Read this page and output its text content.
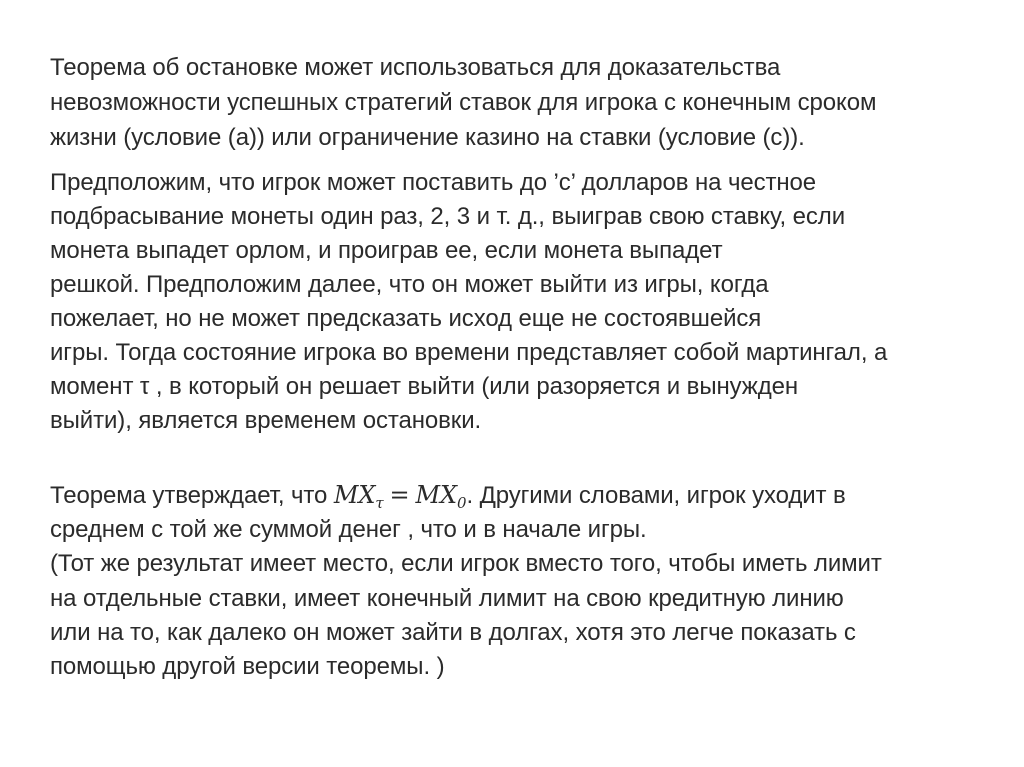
Теорема об остановке может использоваться для доказательства
невозможности успешных стратегий ставок для игрока с конечным сроком
жизни (условие (a)) или ограничение казино на ставки (условие (c)).
Предположим, что игрок может поставить до ’c’ долларов на честное
подбрасывание монеты один раз, 2, 3 и т. д., выиграв свою ставку, если
монета выпадет орлом, и проиграв ее, если монета выпадет
решкой. Предположим далее, что он может выйти из игры, когда
пожелает, но не может предсказать исход еще не состоявшейся
игры. Тогда состояние игрока во времени представляет собой мартингал, а
момент τ , в который он решает выйти (или разоряется и вынужден
выйти), является временем остановки.
Теорема утверждает, что $MX_\tau = MX_0$. Другими словами, игрок уходит в
среднем с той же суммой денег , что и в начале игры.
(Тот же результат имеет место, если игрок вместо того, чтобы иметь лимит
на отдельные ставки, имеет конечный лимит на свою кредитную линию
или на то, как далеко он может зайти в долгах, хотя это легче показать с
помощью другой версии теоремы. )
